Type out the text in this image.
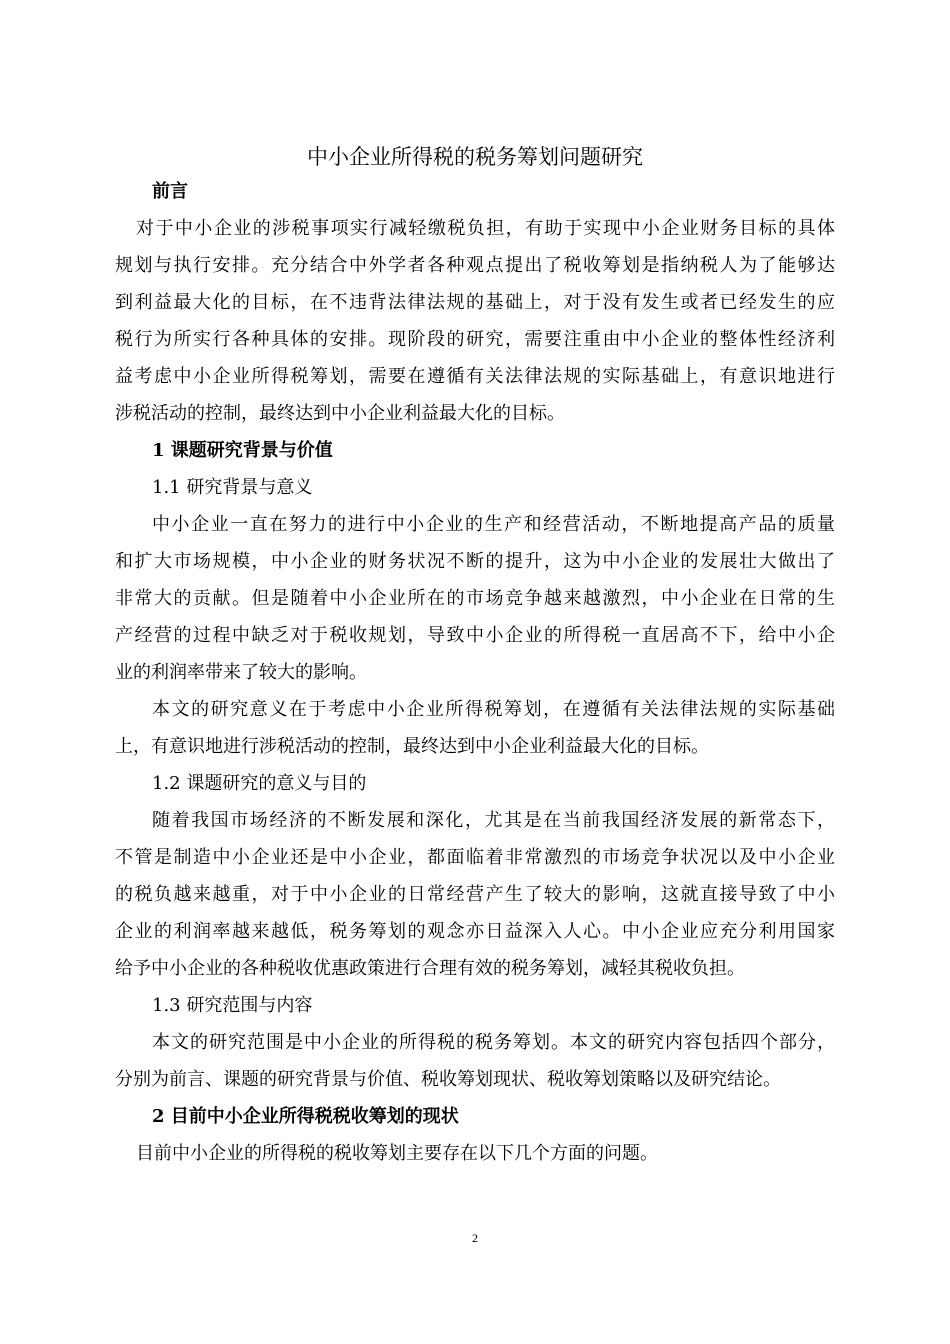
中小企业所得税的税务筹划问题研究
前言
对于中小企业的涉税事项实行减轻缴税负担，有助于实现中小企业财务目标的具体
规划与执行安排。充分结合中外学者各种观点提出了税收筹划是指纳税人为了能够达
到利益最大化的目标，在不违背法律法规的基础上，对于没有发生或者已经发生的应
税行为所实行各种具体的安排。现阶段的研究，需要注重由中小企业的整体性经济利
益考虑中小企业所得税筹划，需要在遵循有关法律法规的实际基础上，有意识地进行
涉税活动的控制，最终达到中小企业利益最大化的目标。
1 课题研究背景与价值
1.1 研究背景与意义
中小企业一直在努力的进行中小企业的生产和经营活动，不断地提高产品的质量
和扩大市场规模，中小企业的财务状况不断的提升，这为中小企业的发展壮大做出了
非常大的贡献。但是随着中小企业所在的市场竞争越来越激烈，中小企业在日常的生
产经营的过程中缺乏对于税收规划，导致中小企业的所得税一直居高不下，给中小企
业的利润率带来了较大的影响。
本文的研究意义在于考虑中小企业所得税筹划，在遵循有关法律法规的实际基础
上，有意识地进行涉税活动的控制，最终达到中小企业利益最大化的目标。
1.2 课题研究的意义与目的
随着我国市场经济的不断发展和深化，尤其是在当前我国经济发展的新常态下，
不管是制造中小企业还是中小企业，都面临着非常激烈的市场竞争状况以及中小企业
的税负越来越重，对于中小企业的日常经营产生了较大的影响，这就直接导致了中小
企业的利润率越来越低，税务筹划的观念亦日益深入人心。中小企业应充分利用国家
给予中小企业的各种税收优惠政策进行合理有效的税务筹划，减轻其税收负担。
1.3 研究范围与内容
本文的研究范围是中小企业的所得税的税务筹划。本文的研究内容包括四个部分，
分别为前言、课题的研究背景与价值、税收筹划现状、税收筹划策略以及研究结论。
2 目前中小企业所得税税收筹划的现状
目前中小企业的所得税的税收筹划主要存在以下几个方面的问题。
2
